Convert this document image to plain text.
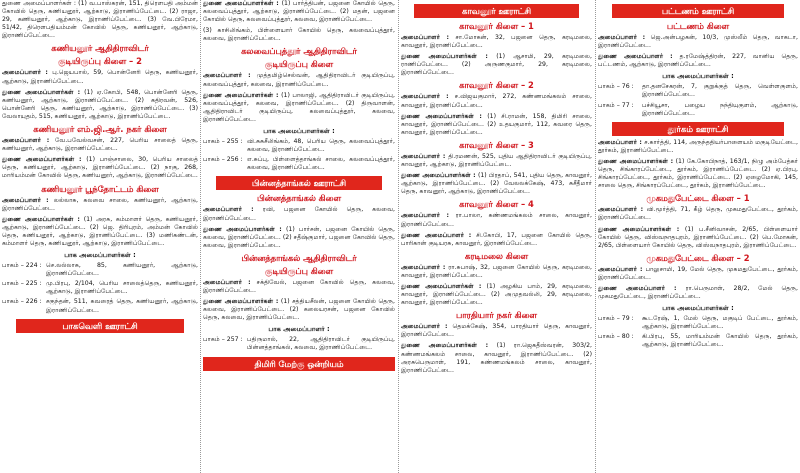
துணை அமைப்பாளர்கள் : (1) வ.பாஸ்கரன், 151, திரௌபதி அம்மன் கோவில் தெரு, கணியனூர், ஆற்காடு, இராணிப்பேட்டை. (2) ராஜா, 29, கணியனூர், ஆற்காடு, இராணிப்பேட்டை. (3) வே.பிரேமா, 51/42, திரௌபதியம்மன் கோவில் தெரு, கணியனூர், ஆற்காடு, இராணிப்பேட்டை.
கணியனூர் ஆதிதிராவிடர்
குடியிருப்பு கிளை – 2
அமைப்பாளர் : பு.ஜெயபால், 59, பொன்னேரி தெரு, கணியனூர், ஆற்காடு, இராணிப்பேட்டை.
துணை அமைப்பாளர்கள் : (1) ஏ.கோபி, 548, பொன்னேரி தெரு, கணியனூர், ஆற்காடு, இராணிப்பேட்டை. (2) கதிரவன், 526, பொன்னேரி தெரு, கணியனூர், ஆற்காடு, இராணிப்பேட்டை. (3) வேலாயுதம், 515, கணியனூர், ஆற்காடு, இராணிப்பேட்டை.
கணியனூர் எம்.ஜி.ஆர். நகர் கிளை
அமைப்பாளர் : வே.பவேல்வசன், 227, பெரிய சாலைத் தெரு, கணியனூர், ஆற்காடு, இராணிப்பேட்டை.
துணை அமைப்பாளர்கள் : (1) பாஞ்சாலை, 30, பெரிய சாலைத் தெரு, கணியனூர், ஆற்காடு, இராணிப்பேட்டை. (2) நாகு, 268, மாரியம்மன் கோவில் தெரு, கணியனூர், ஆற்காடு, இராணிப்பேட்டை.
கணியனூர் பூந்தோட்டம் கிளை
அமைப்பாளர் : லல்லாசு, கலவை சாலை, கணியனூர், ஆற்காடு, இராணிப்பேட்டை.
துணை அமைப்பாளர்கள் : (1) அரசு, கம்மாளர் தெரு, கணியனூர், ஆற்காடு, இராணிப்பேட்டை. (2) ஜெ. திரிபுரம், அம்மன் கோவில் தெரு, கணியனூர், ஆற்காடு, இராணிப்பேட்டை. (3) மணிகண்டன், கம்மாளர் தெரு, கணியனூர், ஆற்காடு, இராணிப்பேட்டை.
பாக அமைப்பாளர்கள் :
பாகம் – 224 : செ.லல்லாசு, 85, கணியனூர், ஆற்காடு, இராணிப்பேட்டை.
பாகம் – 225 : மு.பிரபு, 2/104, பெரிய சாலைத்தெரு, கணியனூர், ஆற்காடு, இராணிப்பேட்டை.
பாகம் – 226 : சகுந்தன், 511, கவரைத் தெரு, கணியனூர், ஆற்காடு, இராணிப்பேட்டை.
பாகவெளி ஊராட்சி
துணை அமைப்பாளர்கள் : (1) பார்த்திபன், பஜனை கோயில் தெரு, கலவைப்புத்தூர், ஆற்காடு, இராணிப்பேட்டை. (2) மதன், பஜனை கோயில் தெரு, கலவைப்புத்தூர், கலவை, இராணிப்பேட்டை.
(3) காசிலிங்கம், பிள்ளையார் கோயில் தெரு, கலவைப்புத்தூர், கலவை, இராணிப்பேட்டை.
கலவைப்புத்தூர் ஆதிதிராவிடர்
குடியிருப்பு கிளை
அமைப்பாளர் : முத்தமிழ்செல்வன், ஆதிதிராவிடர் குடியிருப்பு, கலவைப்புத்தூர், கலவை, இராணிப்பேட்டை.
துணை அமைப்பாளர்கள் : (1) பாலாஜி, ஆதிதிராவிடர் குடியிருப்பு, கலவைப்புத்தூர், கலவை, இராணிப்பேட்டை. (2) திருவாளன், ஆதிதிராவிடர் குடியிருப்பு, கலவைப்புத்தூர், கலவை, இராணிப்பேட்டை.
பாக அமைப்பாளர்கள் :
பாகம் – 255 : வி.சுசுசீலிங்கம், 48, பெரிய தெரு, கலவைப்புத்தூர், கலவை, இராணிப்பேட்டை.
பாகம் – 256 : எ.சுப்பு, பிள்ளைத்தாங்கல் சாலை, கலவைப்புத்தூர், கலவை, இராணிப்பேட்டை.
பின்னத்தாங்கல் ஊராட்சி
பின்னத்தாங்கல் கிளை
அமைப்பாளர் : ரவி, பஜனை கோயில் தெரு, கலவை, இராணிப்பேட்டை.
துணை அமைப்பாளர்கள் : (1) பார்சன், பஜனை கோயில் தெரு, கலவை, இராணிப்பேட்டை. (2) சதீஷ்குமார், பஜனை கோவில் தெரு, கலவை, இராணிப்பேட்டை.
பின்னத்தாங்கல் ஆதிதிராவிடர்
குடியிருப்பு கிளை
அமைப்பாளர் : சக்திவேல், பஜனை கோவில் தெரு, கலவை, இராணிப்பேட்டை.
துணை அமைப்பாளர்கள் : (1) சத்தியசீலன், பஜனை கோயில் தெரு, கலவை, இராணிப்பேட்டை. (2) கலையரசன், பஜனை கோவில் தெரு, கலவை, இராணிப்பேட்டை.
பாக அமைப்பாளர் :
பாகம் – 257 : பதிருமால், 22, ஆதிதிராவிடர் குடியிருப்பு, பின்னத்தாங்கல், கலவை, இராணிப்பேட்டை.
திமிரி மேற்கு ஒன்றியம்
காவனூர் ஊராட்சி
காவனூர் கிளை – 1
அமைப்பாளர் : சா.மோகன், 32, பஜனை தெரு, கரடிமலை, காவனூர், இராணிப்பேட்டை.
துணை அமைப்பாளர்கள் : (1) ஆசாமி, 29, கரடிமலை, ராணிப்பேட்டை. (2) அருணகுமார், 29, கரடிமலை, இராணிப்பேட்டை.
காவனூர் கிளை – 2
அமைப்பாளர் : ச.விஜயகுமார், 272, கண்ணமங்கலம் சாலை, காவனூர், இராணிப்பேட்டை.
துணை அமைப்பாளர்கள் : (1) சி.ராமன், 158, திமிரி சாலை, காவனூர், இராணிப்பேட்டை. (2) உதயகுமார், 112, கவரை தெரு, காவனூர், இராணிப்பேட்டை.
காவனூர் கிளை – 3
அமைப்பாளர் : தி.ரமணன், 525, புதிய ஆதிதிராவிடர் குடியிருப்பு, காவனூர், ஆற்காடு, இராணிப்பேட்டை.
துணை அமைப்பாளர்கள் : (1) பிரதாப், 541, புதிய தெரு, காவனூர், ஆற்காடு, இராணிப்பேட்டை. (2) வேலலக்கேஷ், 473, சுசீதீமார் தெரு, காவனூர், ஆற்காடு, இராணிப்பேட்டை.
காவனூர் கிளை – 4
அமைப்பாளர் : ரா.பாலா, கண்ணமங்கலம் சாலை, காவனூர், இராணிப்பேட்டை.
துணை அமைப்பாளர் : சி.கோபி, 17, பஜனை கோயில் தெரு, பாரிகான் குடியரசு, காவனூர், இராணிப்பேட்டை.
கரடிமலை கிளை
அமைப்பாளர் : ரா.சுபாஷ், 32, பஜனை கோயில் தெரு, கரடிமலை, காவனூர், இராணிப்பேட்டை.
துணை அமைப்பாளர்கள் : (1) அழகிய பாம், 29, கரடிமலை, காவனூர், இராணிப்பேட்டை. (2) அமுதவல்லி, 29, கரடிமலை, காவனூர், இராணிப்பேட்டை.
பாரதியார் நகர் கிளை
அமைப்பாளர் : தெமக்கேஷ், 354, பாரதியார் தெரு, காவனூர், இராணிப்பேட்டை.
துணை அமைப்பாளர்கள் : (1) ரா.ஜெகதீஸ்வரன், 303/2, கண்ணமங்கலம் சாலை, காவனூர், இராணிப்பேட்டை. (2) அரசுபெருமாள், 191, கண்ணமங்கலம் சாலை, காவனூர், இராணிப்பேட்டை.
பட்டணம் ஊராட்சி
பட்டணம் கிளை
அமைப்பாளர் : ஜெ.அன்பழகன், 10/3, முஸ்லீம் தெரு, வாகடா, இராணிப்பேட்டை.
துணை அமைப்பாளர் : த.ரமேஷ்த்திரன், 227, வானிய தெரு, பட்டணம், ஆற்காடு, இராணிப்பேட்டை.
பாக அமைப்பாளர்கள் :
பாகம் – 76 :	தா.தனசேகரன், 7, குறுக்குத் தெரு, வெள்ளகுளம், இராணிப்பேட்டை.
பாகம் – 77 :	பச்சியூசா, பழைய நந்தியுகுளம், ஆற்காடு, இராணிப்பேட்டை.
தூர்கம் ஊராட்சி
அமைப்பாளர் : ச.கார்த்தி, 114, அருந்ததியர்பாளையம் மகுடியேட்டை, தூர்கம், இராணிப்பேட்டை.
துணை அமைப்பாளர்கள் : (1) கே.கோபிநாத், 163/1, நிழு அம்பேத்கர் தெரு, சிங்காரப்பேட்டை, தூர்கம், இராணிப்பேட்டை. (2) ஏ.பிரபு, சிங்காரப்பேட்டை, தூர்கம், இராணிப்பேட்டை. (2) ஏழைமோகி, 145, சாலை தெரு, சிங்காரப்பேட்டை, தூர்கம், இராணிப்பேட்டை.
முகமதுபேட்டை கிளை – 1
அமைப்பாளர் : வி.மூர்த்தி, 71, கீழ் தெரு, முகமதுபேட்டை, தூர்கம், இராணிப்பேட்டை.
துணை அமைப்பாளர்கள் : (1) ப.சீனிவாசன், 2/65, பிள்ளையார் கோயில் தெரு, விஸ்வநாதபுரம், இராணிப்பேட்டை. (2) பெ.மோகன், 2/65, பிள்ளையார் கோயில் தெரு, விஸ்வநாதபுரம், இராணிப்பேட்டை.
முகமதுபேட்டை கிளை – 2
அமைப்பாளர் : பாலுசாமி, 19, மேல் தெரு, முகமதுபேட்டை, தூர்கம், இராணிப்பேட்டை.
துணை அமைப்பாளர் : ரா.பெருமாள், 28/2, மேல் தெரு, முகமதுபேட்டை, இராணிப்பேட்டை.
பாக அமைப்பாளர்கள் :
பாகம் – 79 :	கூடரேஷ், 1, மேல் தெரு, மகுடிப் பேட்டை, தூர்கம், ஆற்காடு, இராணிப்பேட்டை.
பாகம் – 80 :	கி.பிரபு, 55, மாரியம்மன் கோயில் தெரு, தூர்கம், ஆற்காடு, இராணிப்பேட்டை.
